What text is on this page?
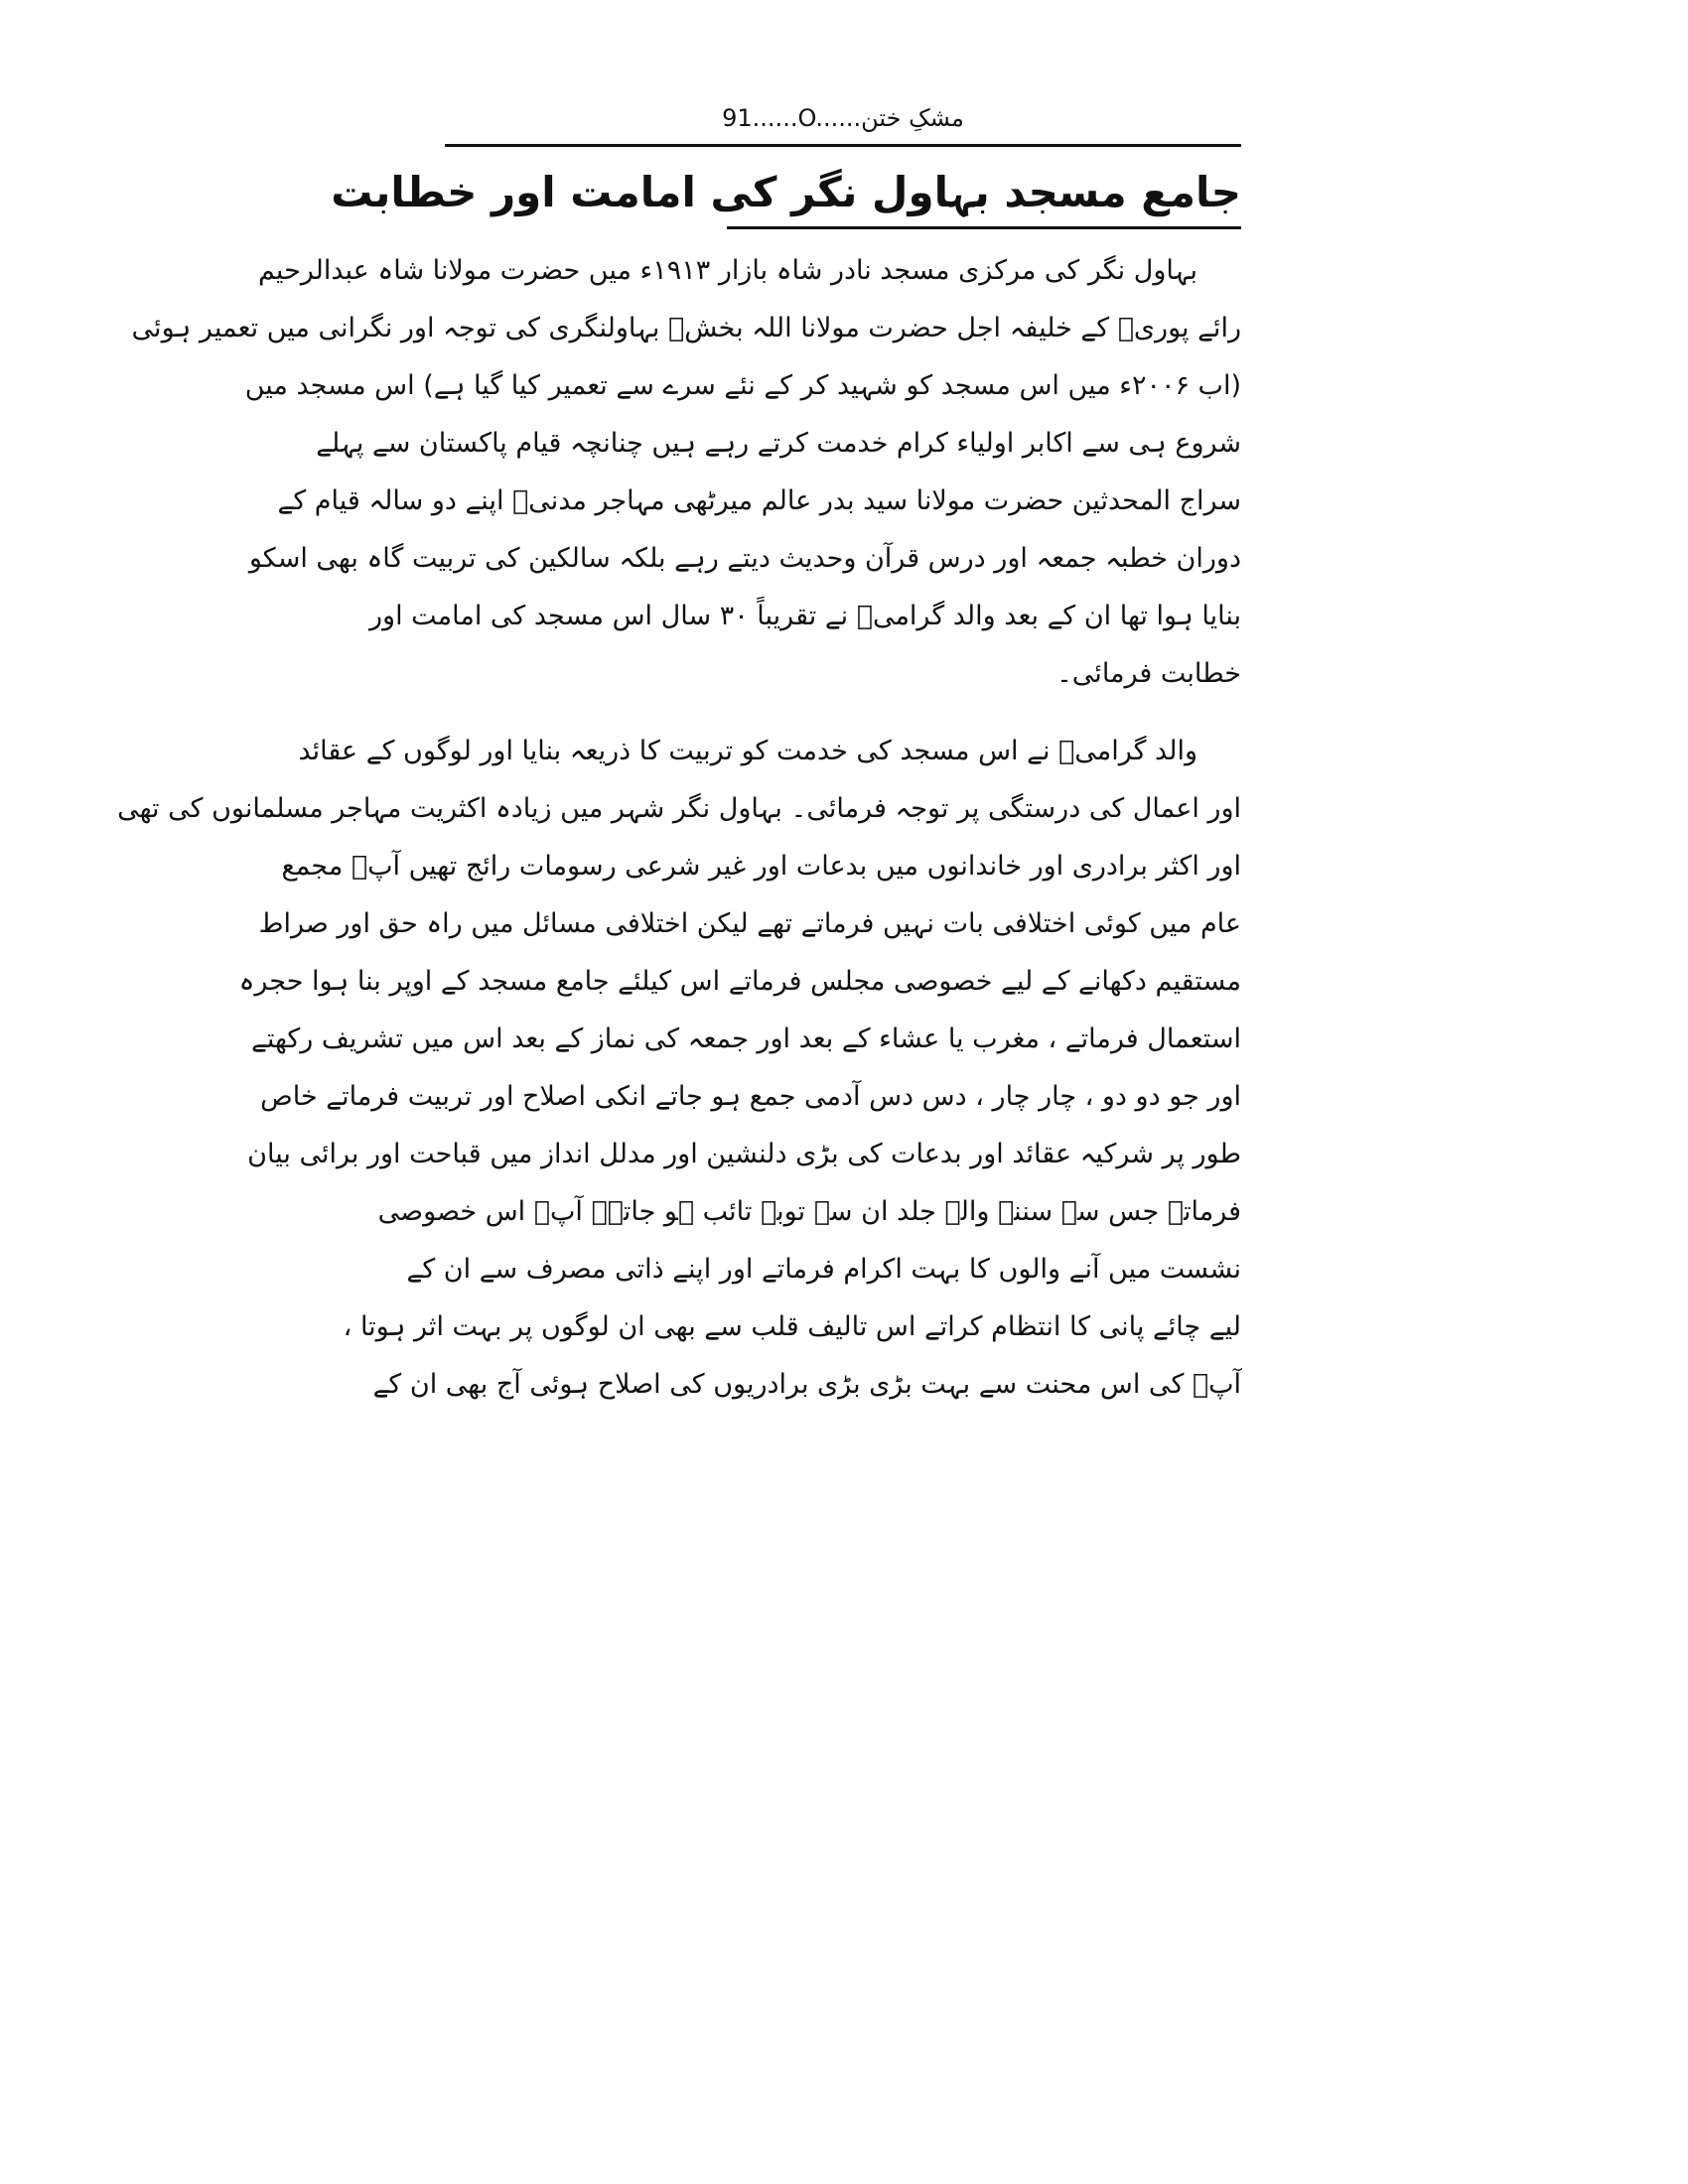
مشکِ ختن......O......91
جامع مسجد بہاول نگر کی امامت اور خطابت
بہاول نگر کی مرکزی مسجد نادر شاہ بازار ۱۹۱۳ء میں حضرت مولانا شاہ عبدالرحیم
رائے پوریؒ کے خلیفہ اجل حضرت مولانا اللہ بخشؒ بہاولنگری کی توجہ اور نگرانی میں تعمیر ہوئی
(اب ۲۰۰۶ء میں اس مسجد کو شہید کر کے نئے سرے سے تعمیر کیا گیا ہے) اس مسجد میں
شروع ہی سے اکابر اولیاء کرام خدمت کرتے رہے ہیں چنانچہ قیام پاکستان سے پہلے
سراج المحدثین حضرت مولانا سید بدر عالم میرٹھی مہاجر مدنیؒ اپنے دو سالہ قیام کے
دوران خطبہ جمعہ اور درس قرآن وحدیث دیتے رہے بلکہ سالکین کی تربیت گاہ بھی اسکو
بنایا ہوا تھا ان کے بعد والد گرامیؒ نے تقریباً ۳۰ سال اس مسجد کی امامت اور
خطابت فرمائی۔
والد گرامیؒ نے اس مسجد کی خدمت کو تربیت کا ذریعہ بنایا اور لوگوں کے عقائد
اور اعمال کی درستگی پر توجہ فرمائی۔ بہاول نگر شہر میں زیادہ اکثریت مہاجر مسلمانوں کی تھی
اور اکثر برادری اور خاندانوں میں بدعات اور غیر شرعی رسومات رائج تھیں آپؒ مجمع
عام میں کوئی اختلافی بات نہیں فرماتے تھے لیکن اختلافی مسائل میں راہ حق اور صراط
مستقیم دکھانے کے لیے خصوصی مجلس فرماتے اس کیلئے جامع مسجد کے اوپر بنا ہوا حجرہ
استعمال فرماتے ، مغرب یا عشاء کے بعد اور جمعہ کی نماز کے بعد اس میں تشریف رکھتے
اور جو دو دو ، چار چار ، دس دس آدمی جمع ہو جاتے انکی اصلاح اور تربیت فرماتے خاص
طور پر شرکیہ عقائد اور بدعات کی بڑی دلنشین اور مدلل انداز میں قباحت اور برائی بیان
فرماتے جس سے سننے والے جلد ان سے توبہ تائب ہو جاتے۔ آپؒ اس خصوصی
نشست میں آنے والوں کا بہت اکرام فرماتے اور اپنے ذاتی مصرف سے ان کے
لیے چائے پانی کا انتظام کراتے اس تالیف قلب سے بھی ان لوگوں پر بہت اثر ہوتا ،
آپؒ کی اس محنت سے بہت بڑی بڑی برادریوں کی اصلاح ہوئی آج بھی ان کے
